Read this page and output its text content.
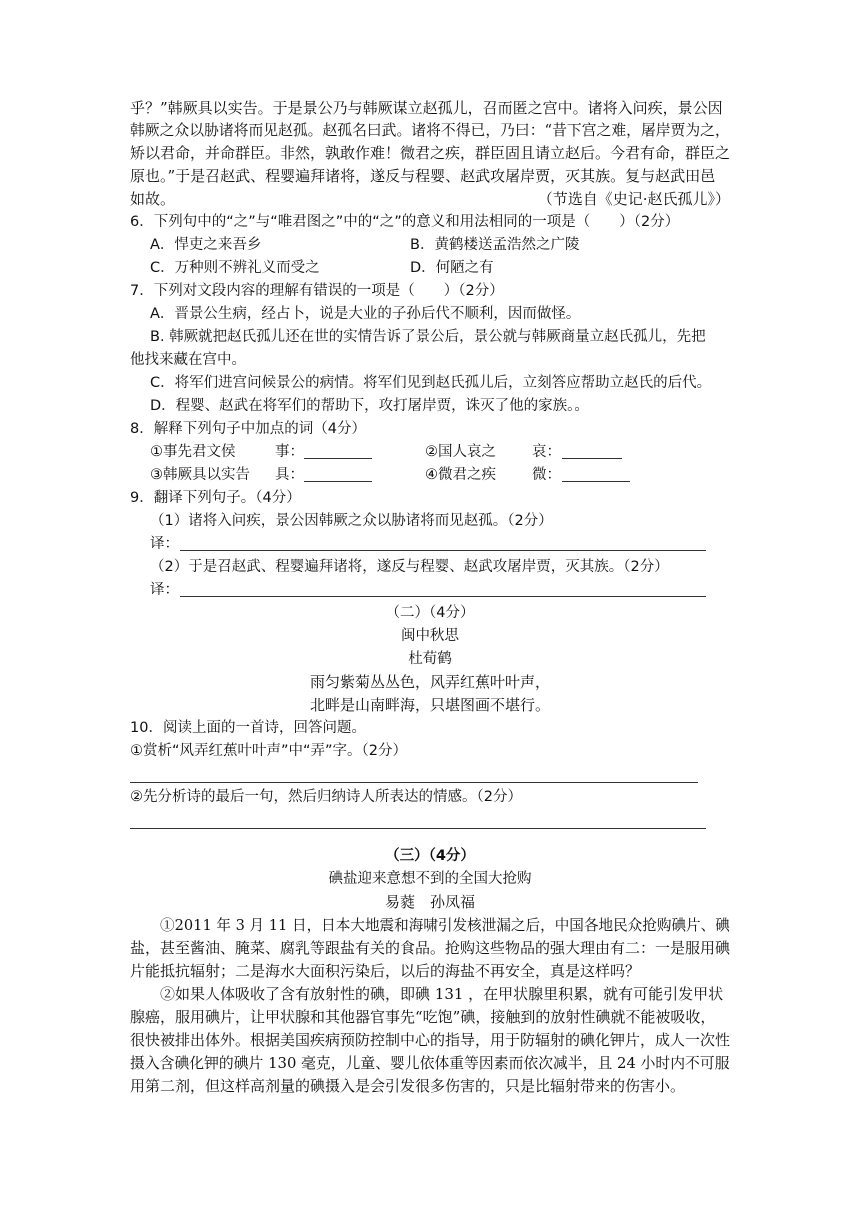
乎？”韩厥具以实告。于是景公乃与韩厥谋立赵孤儿，召而匿之宫中。诸将入问疾，景公因
韩厥之众以胁诸将而见赵孤。赵孤名曰武。诸将不得已，乃曰：“昔下宫之难，屠岸贾为之，
矫以君命，并命群臣。非然，孰敢作难！微君之疾，群臣固且请立赵后。今君有命，群臣之
原也。”于是召赵武、程婴遍拜诸将，遂反与程婴、赵武攻屠岸贾，灭其族。复与赵武田邑
如故。	（节选自《史记·赵氏孤儿》）
6．下列句中的“之”与“唯君图之”中的“之”的意义和用法相同的一项是（　　）（2分）
A．悍吏之来吾乡	B．黄鹤楼送孟浩然之广陵
C．万种则不辨礼义而受之	D．何陋之有
7．下列对文段内容的理解有错误的一项是（　　）（2分）
A．晋景公生病，经占卜，说是大业的子孙后代不顺利，因而做怪。
B. 韩厥就把赵氏孤儿还在世的实情告诉了景公后，景公就与韩厥商量立赵氏孤儿，先把
他找来藏在宫中。
C．将军们进宫问候景公的病情。将军们见到赵氏孤儿后，立刻答应帮助立赵氏的后代。
D．程婴、赵武在将军们的帮助下，攻打屠岸贾，诛灭了他的家族。。
8．解释下列句子中加点的词（4分）
①事先君文侯	事：	②国人哀之 哀：
③韩厥具以实告 具：	④微君之疾 微：
9．翻译下列句子。（4分）
（1）诸将入问疾，景公因韩厥之众以胁诸将而见赵孤。（2分）
译：
（2）于是召赵武、程婴遍拜诸将，遂反与程婴、赵武攻屠岸贾，灭其族。（2分）
译：
（二）（4分）
闽中秋思
杜荀鹤
雨匀紫菊丛丛色，风弄红蕉叶叶声，
北畔是山南畔海，只堪图画不堪行。
10．阅读上面的一首诗，回答问题。
①赏析“风弄红蕉叶叶声”中“弄”字。（2分）
②先分析诗的最后一句，然后归纳诗人所表达的情感。（2分）
（三）（4分）
碘盐迎来意想不到的全国大抢购
易蕤　孙凤福
①2011 年 3 月 11 日，日本大地震和海啸引发核泄漏之后，中国各地民众抢购碘片、碘
盐，甚至酱油、腌菜、腐乳等跟盐有关的食品。抢购这些物品的强大理由有二：一是服用碘
片能抵抗辐射；二是海水大面积污染后，以后的海盐不再安全，真是这样吗？
②如果人体吸收了含有放射性的碘，即碘 131 ，在甲状腺里积累，就有可能引发甲状
腺癌，服用碘片，让甲状腺和其他器官事先“吃饱”碘，接触到的放射性碘就不能被吸收，
很快被排出体外。根据美国疾病预防控制中心的指导，用于防辐射的碘化钾片，成人一次性
摄入含碘化钾的碘片 130 毫克，儿童、婴儿依体重等因素而依次减半，且 24 小时内不可服
用第二剂，但这样高剂量的碘摄入是会引发很多伤害的，只是比辐射带来的伤害小。
